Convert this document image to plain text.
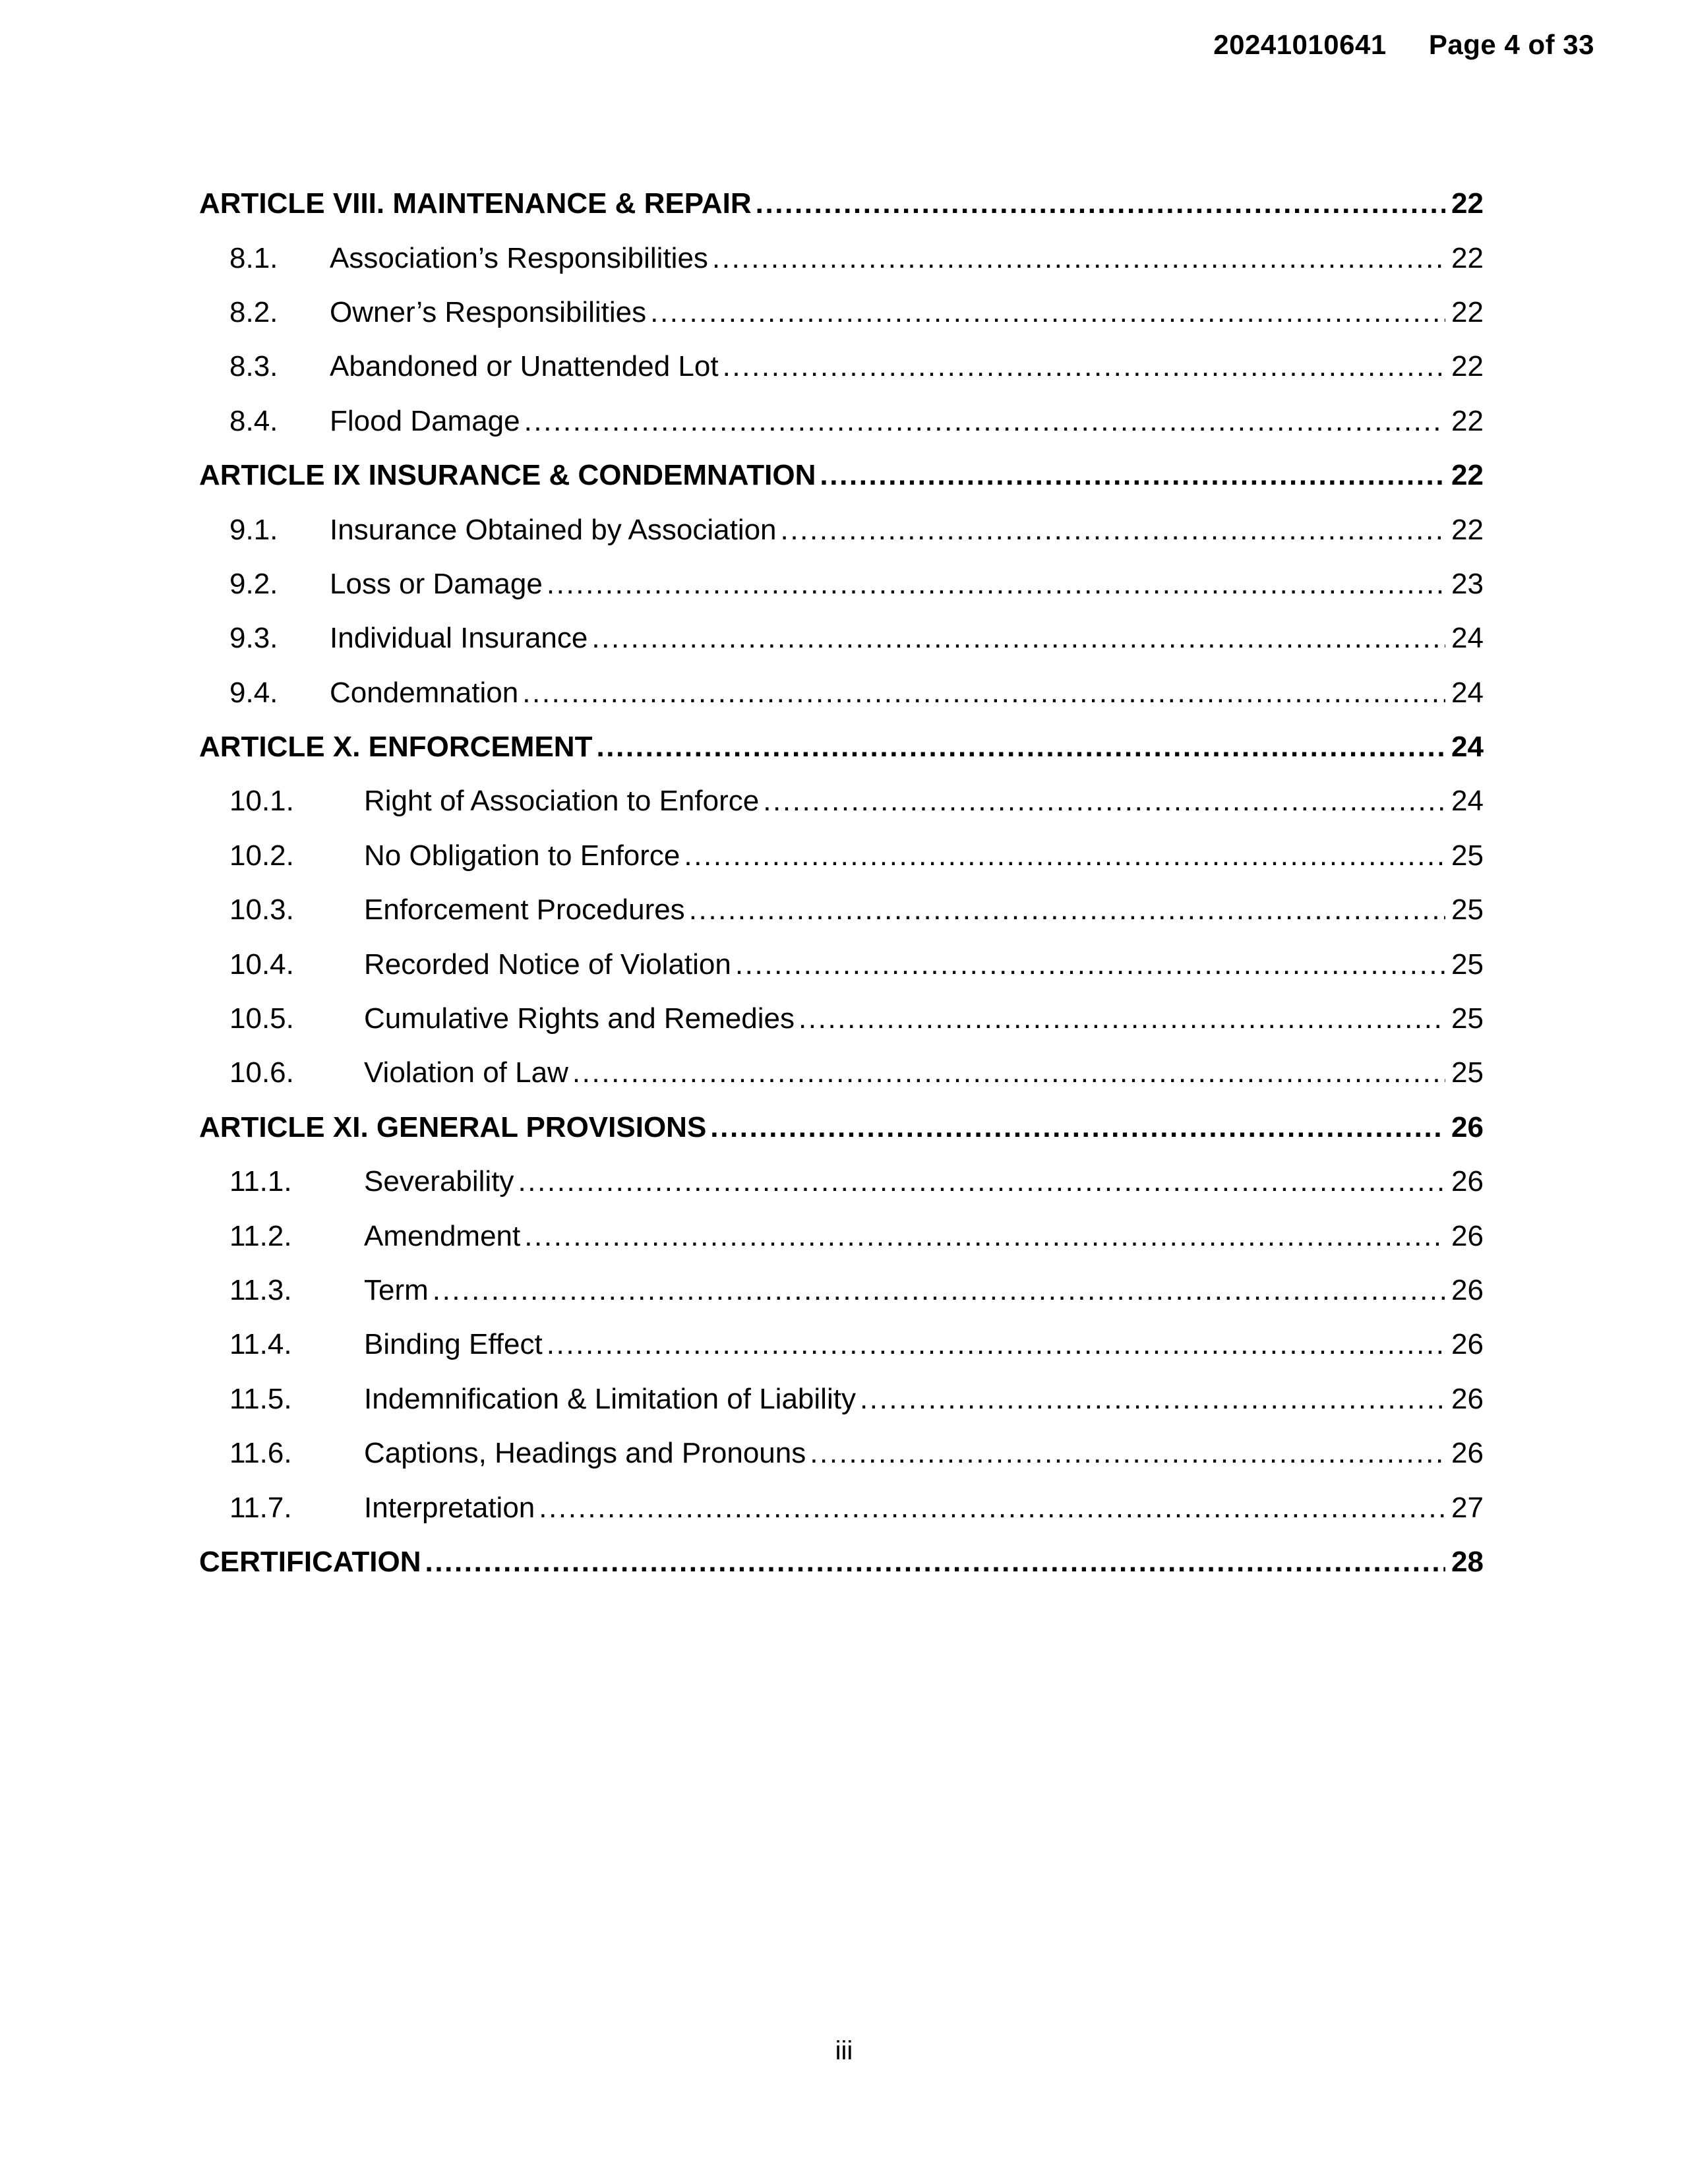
20241010641 Page 4 of 33
ARTICLE VIII. MAINTENANCE & REPAIR .....	22
8.1.	Association’s Responsibilities .....	22
8.2.	Owner’s Responsibilities .....	22
8.3.	Abandoned or Unattended Lot .....	22
8.4.	Flood Damage .....	22
ARTICLE IX INSURANCE & CONDEMNATION .....	22
9.1.	Insurance Obtained by Association .....	22
9.2.	Loss or Damage .....	23
9.3.	Individual Insurance .....	24
9.4.	Condemnation .....	24
ARTICLE X. ENFORCEMENT .....	24
10.1.	Right of Association to Enforce .....	24
10.2.	No Obligation to Enforce .....	25
10.3.	Enforcement Procedures .....	25
10.4.	Recorded Notice of Violation .....	25
10.5.	Cumulative Rights and Remedies .....	25
10.6.	Violation of Law .....	25
ARTICLE XI. GENERAL PROVISIONS .....	26
11.1.	Severability .....	26
11.2.	Amendment .....	26
11.3.	Term .....	26
11.4.	Binding Effect .....	26
11.5.	Indemnification & Limitation of Liability .....	26
11.6.	Captions, Headings and Pronouns .....	26
11.7.	Interpretation .....	27
CERTIFICATION .....	28
iii
